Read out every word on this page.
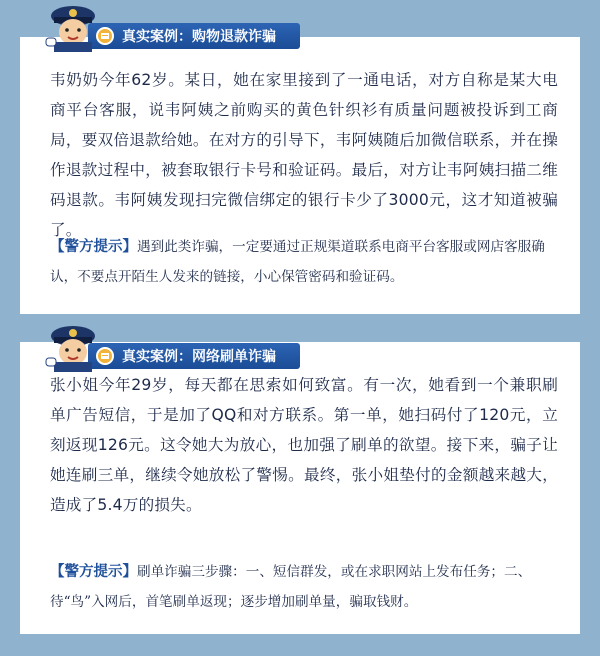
韦奶奶今年62岁。某日，她在家里接到了一通电话，对方自称是某大电商平台客服，说韦阿姨之前购买的黄色针织衫有质量问题被投诉到工商局，要双倍退款给她。在对方的引导下，韦阿姨随后加微信联系，并在操作退款过程中，被套取银行卡号和验证码。最后，对方让韦阿姨扫描二维码退款。韦阿姨发现扫完微信绑定的银行卡少了3000元，这才知道被骗了。
【警方提示】遇到此类诈骗，一定要通过正规渠道联系电商平台客服或网店客服确认，不要点开陌生人发来的链接，小心保管密码和验证码。
张小姐今年29岁，每天都在思索如何致富。有一次，她看到一个兼职刷单广告短信，于是加了QQ和对方联系。第一单，她扫码付了120元，立刻返现126元。这令她大为放心，也加强了刷单的欲望。接下来，骗子让她连刷三单，继续令她放松了警惕。最终，张小姐垫付的金额越来越大，造成了5.4万的损失。
【警方提示】刷单诈骗三步骤：一、短信群发，或在求职网站上发布任务；二、待“鸟”入网后，首笔刷单返现；逐步增加刷单量，骗取钱财。
真实案例：购物退款诈骗
真实案例：网络刷单诈骗
